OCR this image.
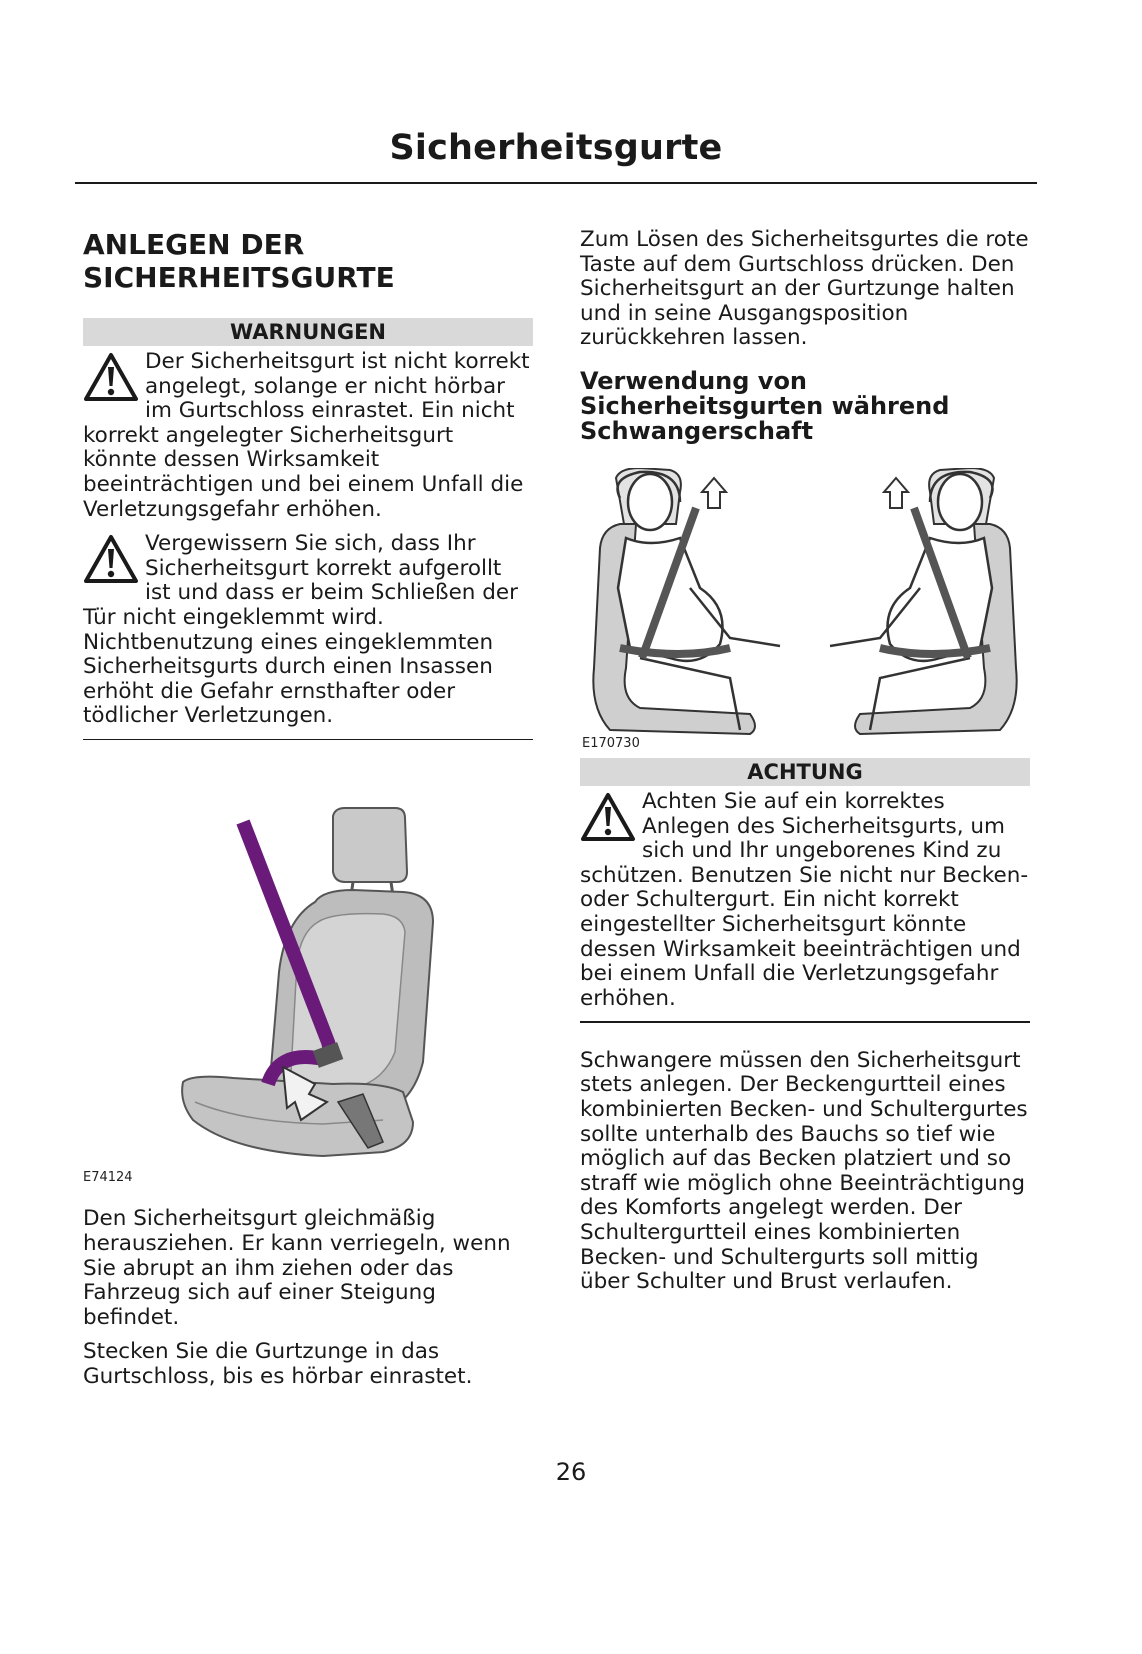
Sicherheitsgurte
ANLEGEN DER SICHERHEITSGURTE
WARNUNGEN
Der Sicherheitsgurt ist nicht korrekt angelegt, solange er nicht hörbar im Gurtschloss einrastet. Ein nicht korrekt angelegter Sicherheitsgurt könnte dessen Wirksamkeit beeinträchtigen und bei einem Unfall die Verletzungsgefahr erhöhen.
Vergewissern Sie sich, dass Ihr Sicherheitsgurt korrekt aufgerollt ist und dass er beim Schließen der Tür nicht eingeklemmt wird. Nichtbenutzung eines eingeklemmten Sicherheitsgurts durch einen Insassen erhöht die Gefahr ernsthafter oder tödlicher Verletzungen.
E74124

Den Sicherheitsgurt gleichmäßig herausziehen. Er kann verriegeln, wenn Sie abrupt an ihm ziehen oder das Fahrzeug sich auf einer Steigung befindet.

Stecken Sie die Gurtzunge in das Gurtschloss, bis es hörbar einrastet.

Zum Lösen des Sicherheitsgurtes die rote Taste auf dem Gurtschloss drücken. Den Sicherheitsgurt an der Gurtzunge halten und in seine Ausgangsposition zurückkehren lassen.

Verwendung von Sicherheitsgurten während Schwangerschaft
E170730
ACHTUNG
Achten Sie auf ein korrektes Anlegen des Sicherheitsgurts, um sich und Ihr ungeborenes Kind zu schützen. Benutzen Sie nicht nur Becken- oder Schultergurt. Ein nicht korrekt eingestellter Sicherheitsgurt könnte dessen Wirksamkeit beeinträchtigen und bei einem Unfall die Verletzungsgefahr erhöhen.

Schwangere müssen den Sicherheitsgurt stets anlegen. Der Beckengurtteil eines kombinierten Becken- und Schultergurtes sollte unterhalb des Bauchs so tief wie möglich auf das Becken platziert und so straff wie möglich ohne Beeinträchtigung des Komforts angelegt werden. Der Schultergurtteil eines kombinierten Becken- und Schultergurts soll mittig über Schulter und Brust verlaufen.

26
